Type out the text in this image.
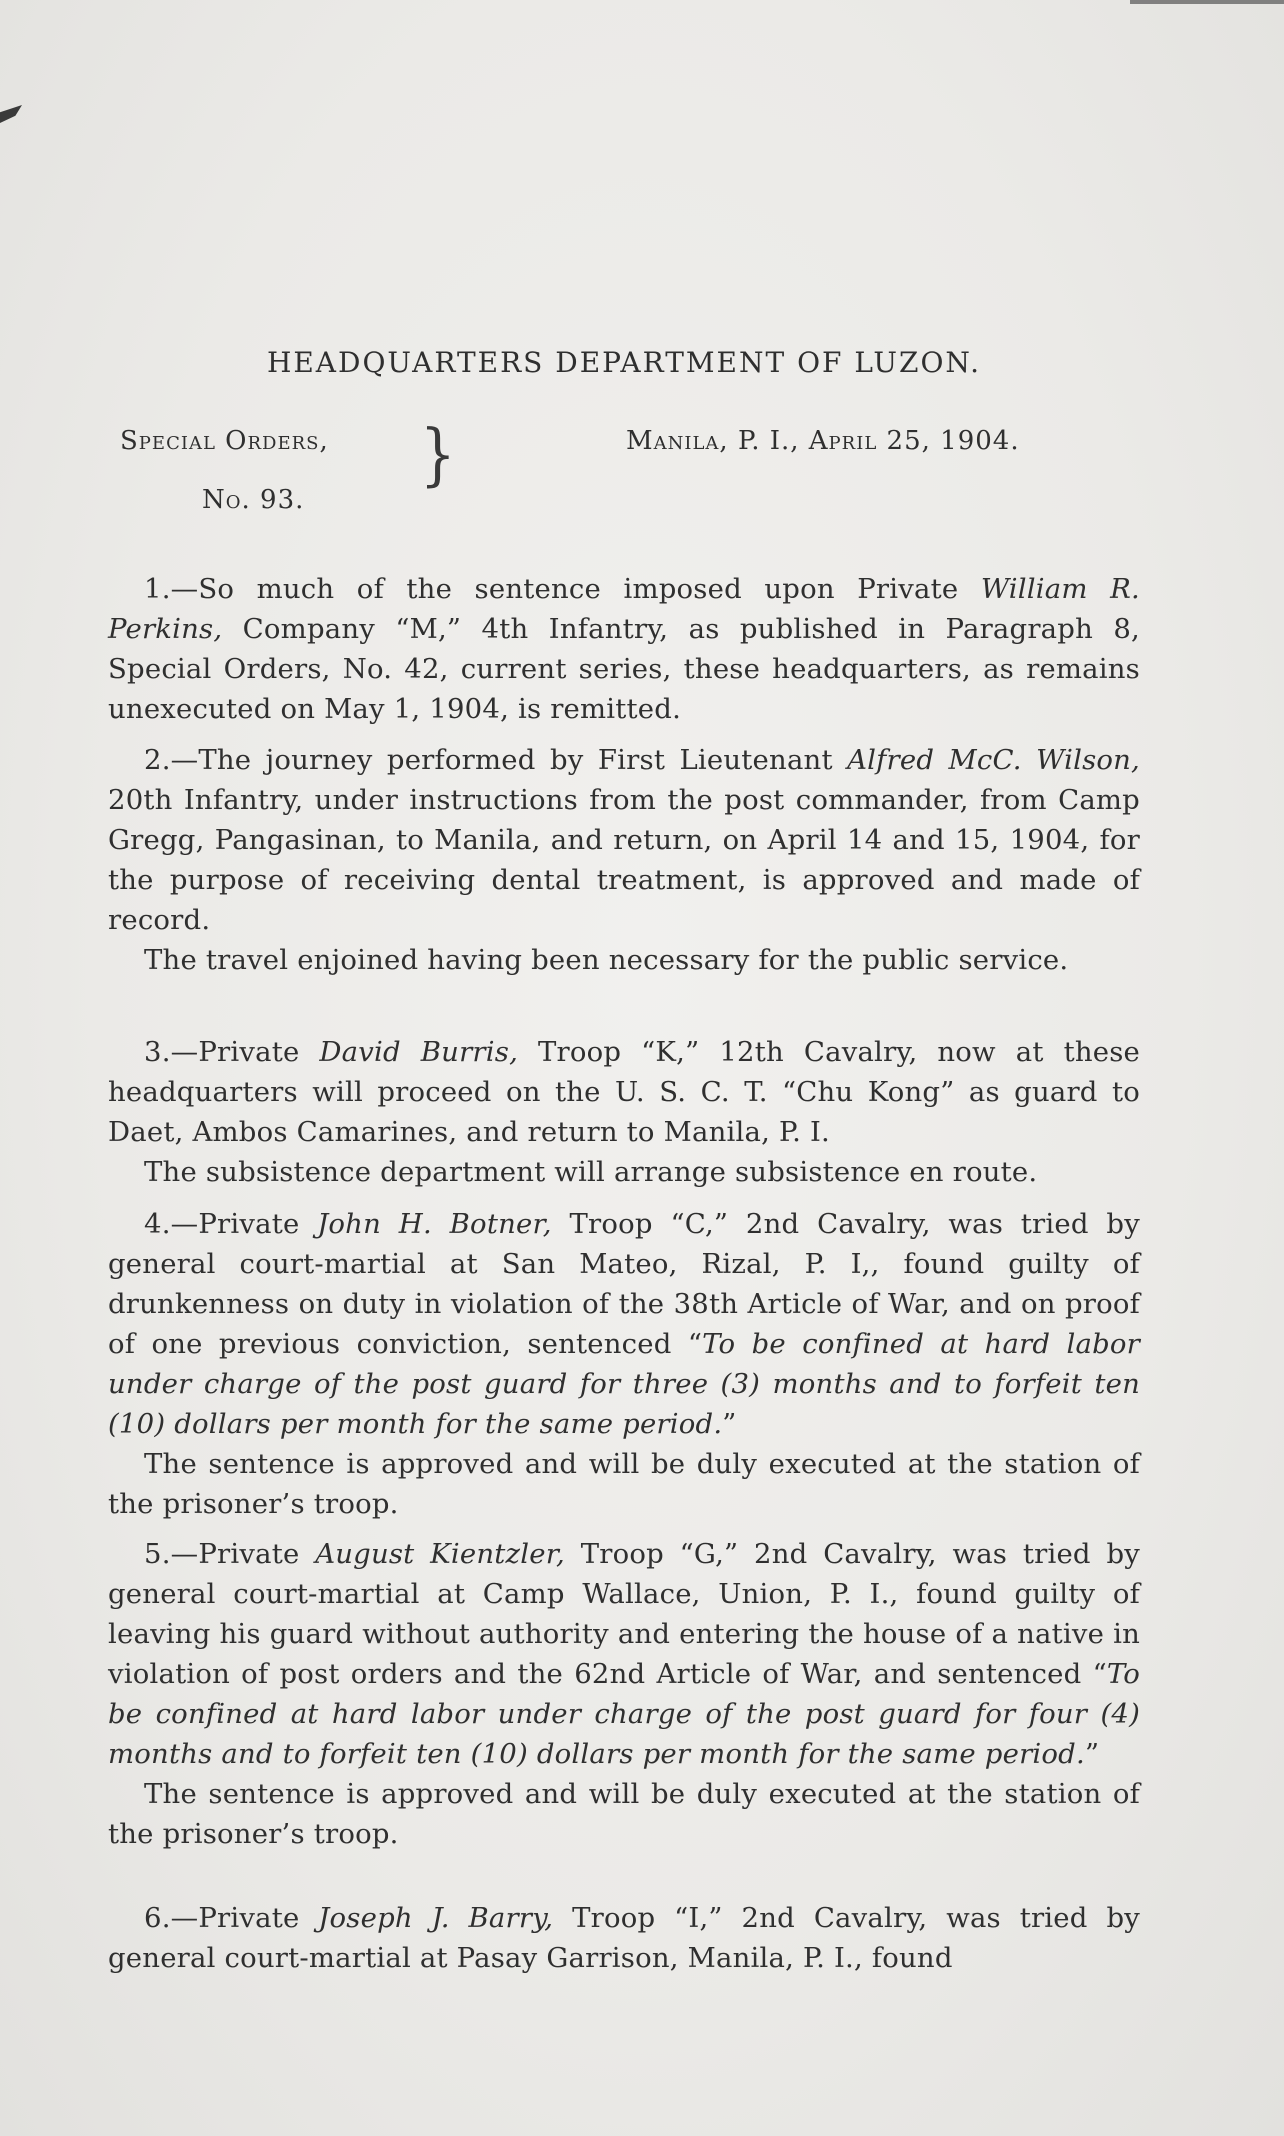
HEADQUARTERS DEPARTMENT OF LUZON.
Special Orders,
No. 93.
}	Manila, P. I., April 25, 1904.

1.—So much of the sentence imposed upon Private William R. Perkins, Company “M,” 4th Infantry, as published in Paragraph 8, Special Orders, No. 42, current series, these headquarters, as remains unexecuted on May 1, 1904, is remitted.

2.—The journey performed by First Lieutenant Alfred McC. Wilson, 20th Infantry, under instructions from the post commander, from Camp Gregg, Pangasinan, to Manila, and return, on April 14 and 15, 1904, for the purpose of receiving dental treatment, is approved and made of record.

The travel enjoined having been necessary for the public service.

3.—Private David Burris, Troop “K,” 12th Cavalry, now at these headquarters will proceed on the U. S. C. T. “Chu Kong” as guard to Daet, Ambos Camarines, and return to Manila, P. I.

The subsistence department will arrange subsistence en route.

4.—Private John H. Botner, Troop “C,” 2nd Cavalry, was tried by general court-martial at San Mateo, Rizal, P. I,, found guilty of drunkenness on duty in violation of the 38th Article of War, and on proof of one previous conviction, sentenced “To be confined at hard labor under charge of the post guard for three (3) months and to forfeit ten (10) dollars per month for the same period.”

The sentence is approved and will be duly executed at the station of the prisoner’s troop.

5.—Private August Kientzler, Troop “G,” 2nd Cavalry, was tried by general court-martial at Camp Wallace, Union, P. I., found guilty of leaving his guard without authority and entering the house of a native in violation of post orders and the 62nd Article of War, and sentenced “To be confined at hard labor under charge of the post guard for four (4) months and to forfeit ten (10) dollars per month for the same period.”

The sentence is approved and will be duly executed at the station of the prisoner’s troop.

6.—Private Joseph J. Barry, Troop “I,” 2nd Cavalry, was tried by general court-martial at Pasay Garrison, Manila, P. I., found
